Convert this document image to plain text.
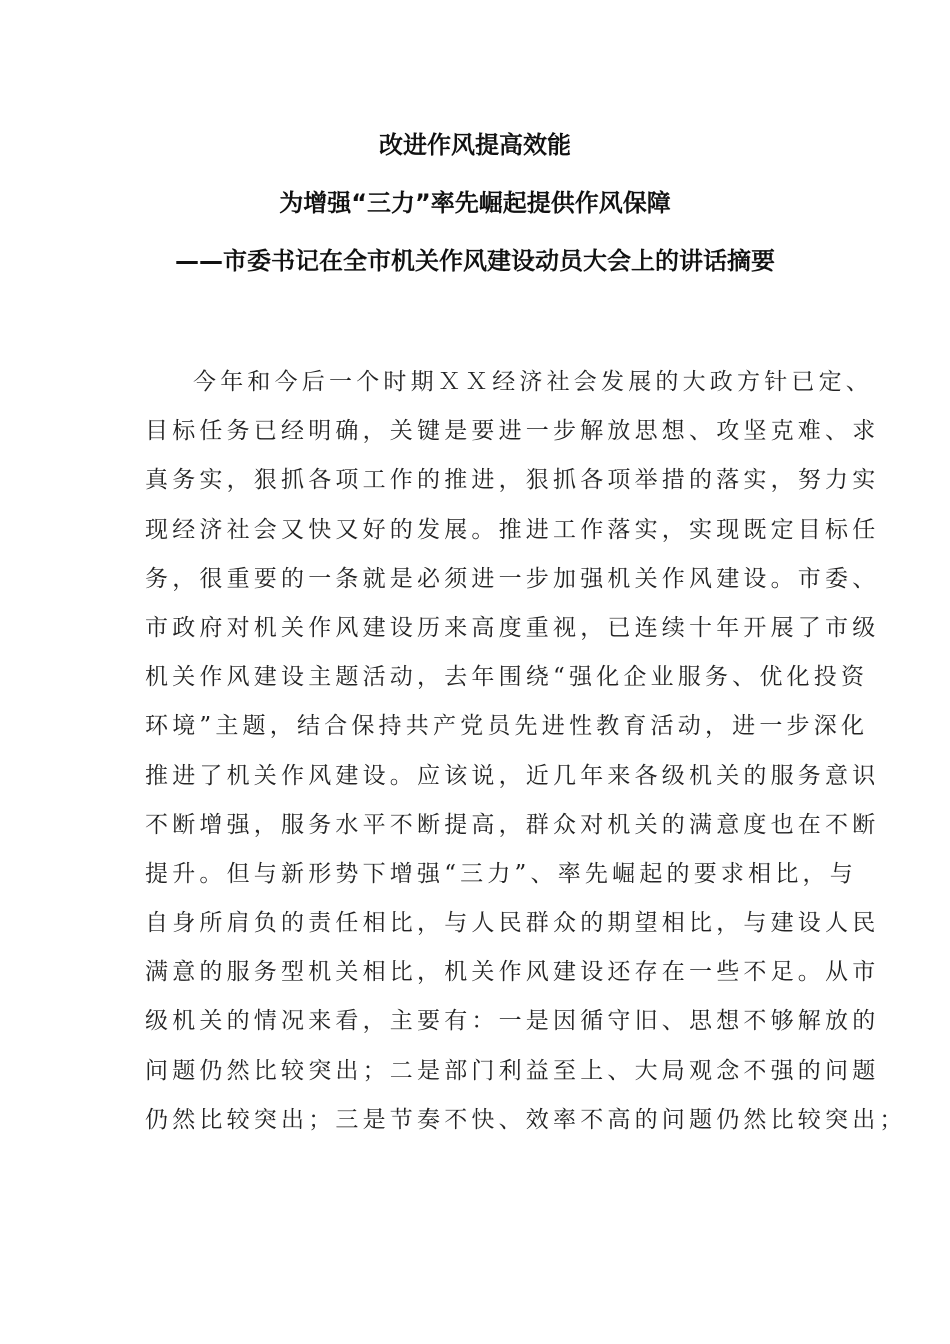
改进作风提高效能
为增强“三力”率先崛起提供作风保障
——市委书记在全市机关作风建设动员大会上的讲话摘要
今年和今后一个时期ＸＸ经济社会发展的大政方针已定、
目标任务已经明确，关键是要进一步解放思想、攻坚克难、求
真务实，狠抓各项工作的推进，狠抓各项举措的落实，努力实
现经济社会又快又好的发展。推进工作落实，实现既定目标任
务，很重要的一条就是必须进一步加强机关作风建设。市委、
市政府对机关作风建设历来高度重视，已连续十年开展了市级
机关作风建设主题活动，去年围绕“强化企业服务、优化投资
环境”主题，结合保持共产党员先进性教育活动，进一步深化
推进了机关作风建设。应该说，近几年来各级机关的服务意识
不断增强，服务水平不断提高，群众对机关的满意度也在不断
提升。但与新形势下增强“三力”、率先崛起的要求相比，与
自身所肩负的责任相比，与人民群众的期望相比，与建设人民
满意的服务型机关相比，机关作风建设还存在一些不足。从市
级机关的情况来看，主要有：一是因循守旧、思想不够解放的
问题仍然比较突出；二是部门利益至上、大局观念不强的问题
仍然比较突出；三是节奏不快、效率不高的问题仍然比较突出；
